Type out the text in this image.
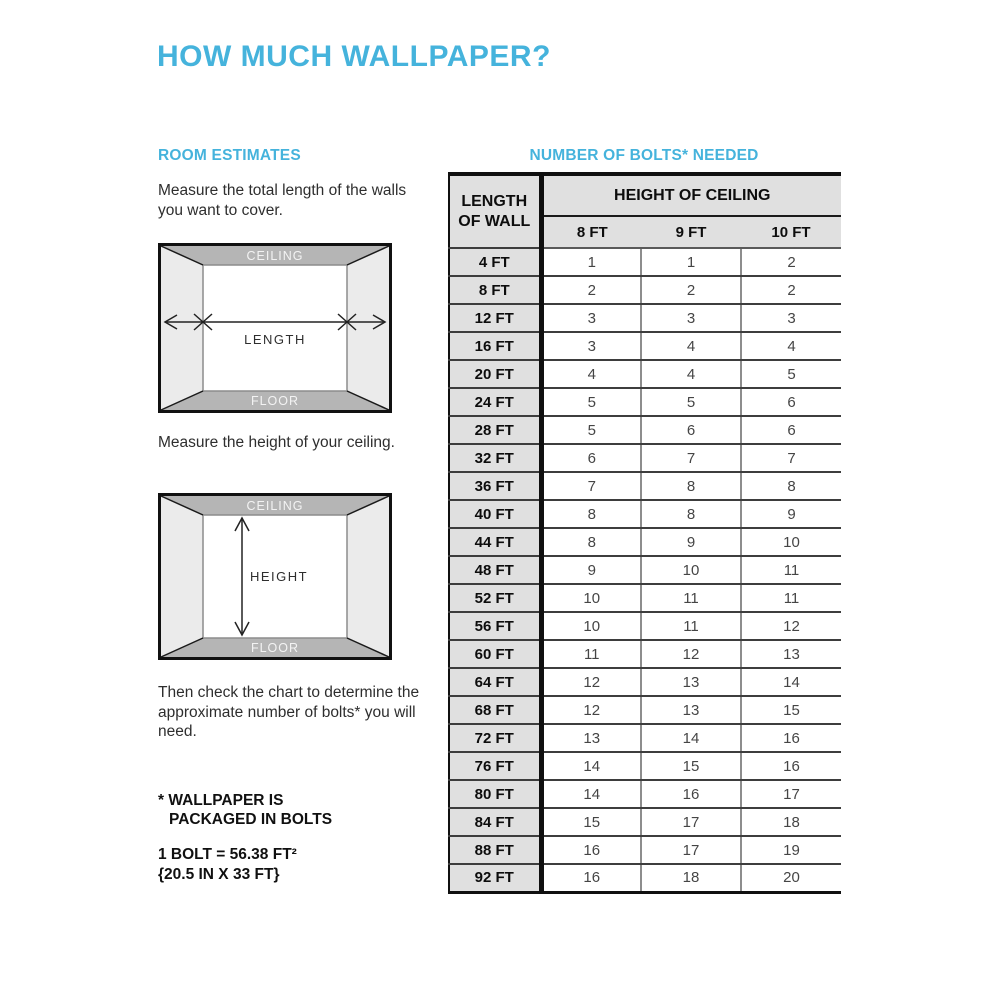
HOW MUCH WALLPAPER?
ROOM ESTIMATES

Measure the total length of the walls you want to cover.

CEILING
FLOOR
LENGTH

Measure the height of your ceiling.

CEILING
FLOOR
HEIGHT

Then check the chart to determine the approximate number of bolts* you will need.

* WALLPAPER IS
PACKAGED IN BOLTS
1 BOLT = 56.38 FT²
{20.5 IN X 33 FT}
NUMBER OF BOLTS* NEEDED
LENGTH OF WALL	HEIGHT OF CEILING		
	8 FT	9 FT	10 FT
4 FT	1	1	2
8 FT	2	2	2
12 FT	3	3	3
16 FT	3	4	4
20 FT	4	4	5
24 FT	5	5	6
28 FT	5	6	6
32 FT	6	7	7
36 FT	7	8	8
40 FT	8	8	9
44 FT	8	9	10
48 FT	9	10	11
52 FT	10	11	11
56 FT	10	11	12
60 FT	11	12	13
64 FT	12	13	14
68 FT	12	13	15
72 FT	13	14	16
76 FT	14	15	16
80 FT	14	16	17
84 FT	15	17	18
88 FT	16	17	19
92 FT	16	18	20
